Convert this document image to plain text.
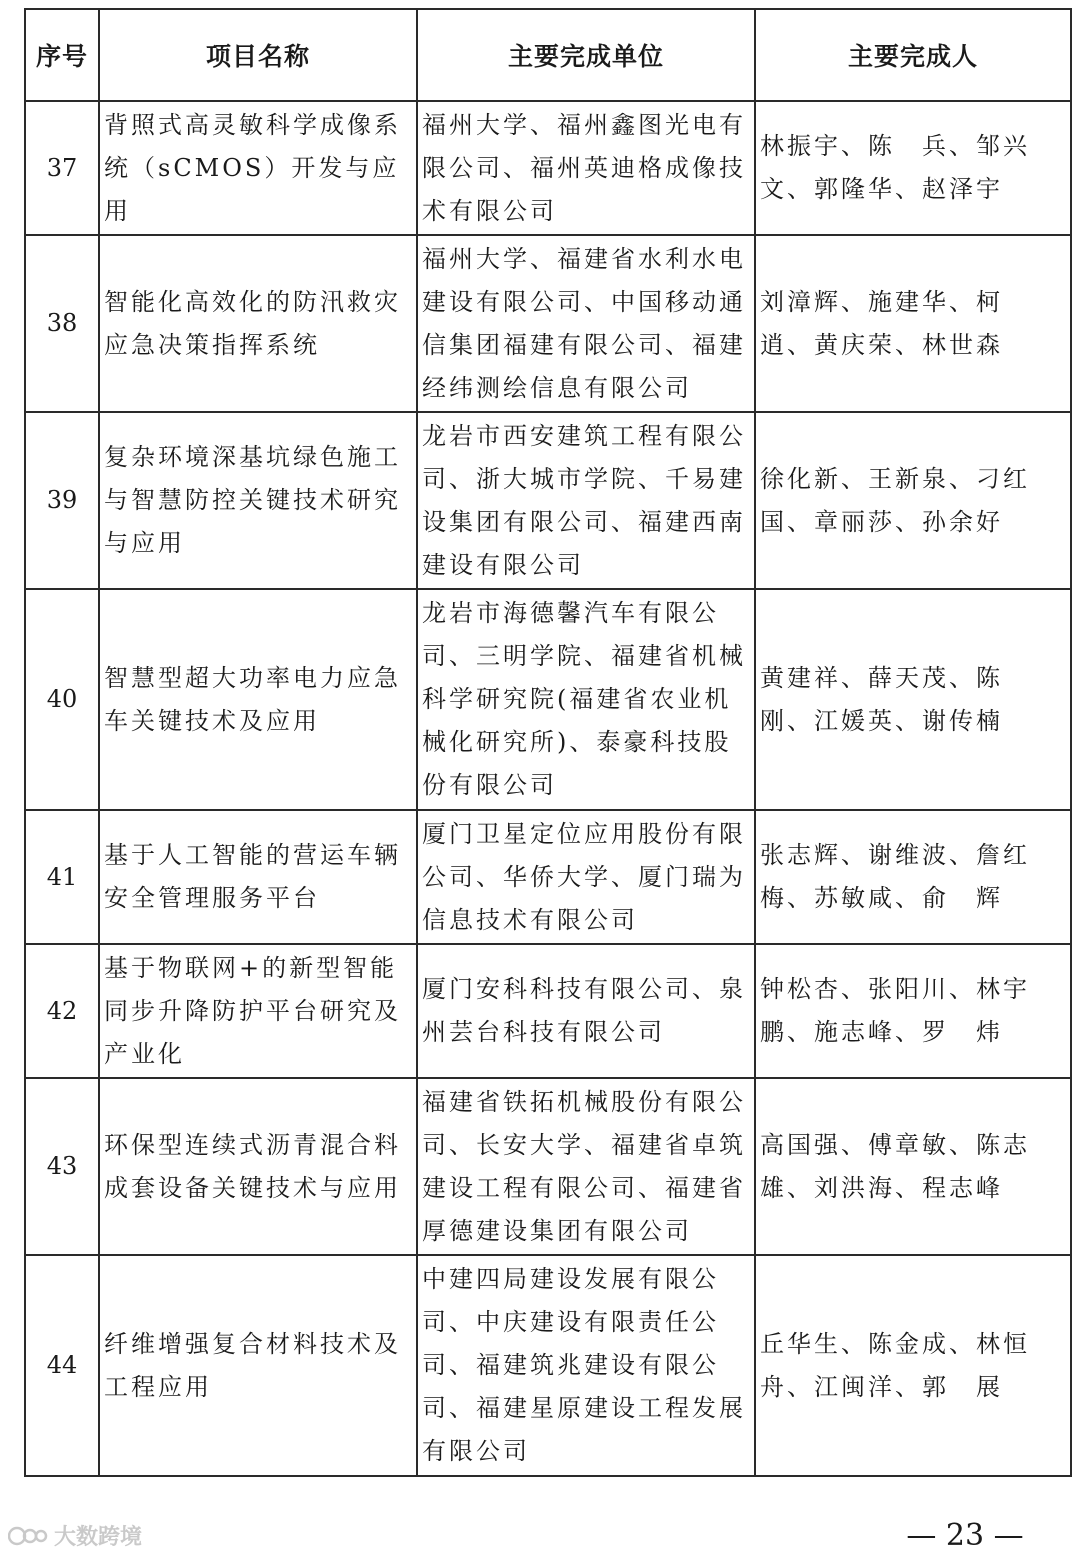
序号	项目名称	主要完成单位	主要完成人
37	背照式高灵敏科学成像系统（sCMOS）开发与应用	福州大学、福州鑫图光电有限公司、福州英迪格成像技术有限公司	林振宇、陈　兵、邹兴文、郭隆华、赵泽宇
38	智能化高效化的防汛救灾应急决策指挥系统	福州大学、福建省水利水电建设有限公司、中国移动通信集团福建有限公司、福建经纬测绘信息有限公司	刘漳辉、施建华、柯　逍、黄庆荣、林世森
39	复杂环境深基坑绿色施工与智慧防控关键技术研究与应用	龙岩市西安建筑工程有限公司、浙大城市学院、千易建设集团有限公司、福建西南建设有限公司	徐化新、王新泉、刁红国、章丽莎、孙余好
40	智慧型超大功率电力应急车关键技术及应用	龙岩市海德馨汽车有限公司、三明学院、福建省机械科学研究院(福建省农业机械化研究所)、泰豪科技股份有限公司	黄建祥、薛天茂、陈　刚、江媛英、谢传楠
41	基于人工智能的营运车辆安全管理服务平台	厦门卫星定位应用股份有限公司、华侨大学、厦门瑞为信息技术有限公司	张志辉、谢维波、詹红梅、苏敏咸、俞　辉
42	基于物联网+的新型智能同步升降防护平台研究及产业化	厦门安科科技有限公司、泉州芸台科技有限公司	钟松杏、张阳川、林宇鹏、施志峰、罗　炜
43	环保型连续式沥青混合料成套设备关键技术与应用	福建省铁拓机械股份有限公司、长安大学、福建省卓筑建设工程有限公司、福建省厚德建设集团有限公司	高国强、傅章敏、陈志雄、刘洪海、程志峰
44	纤维增强复合材料技术及工程应用	中建四局建设发展有限公司、中庆建设有限责任公司、福建筑兆建设有限公司、福建星原建设工程发展有限公司	丘华生、陈金成、林恒舟、江闽洋、郭　展
大数跨境	— 23 —
